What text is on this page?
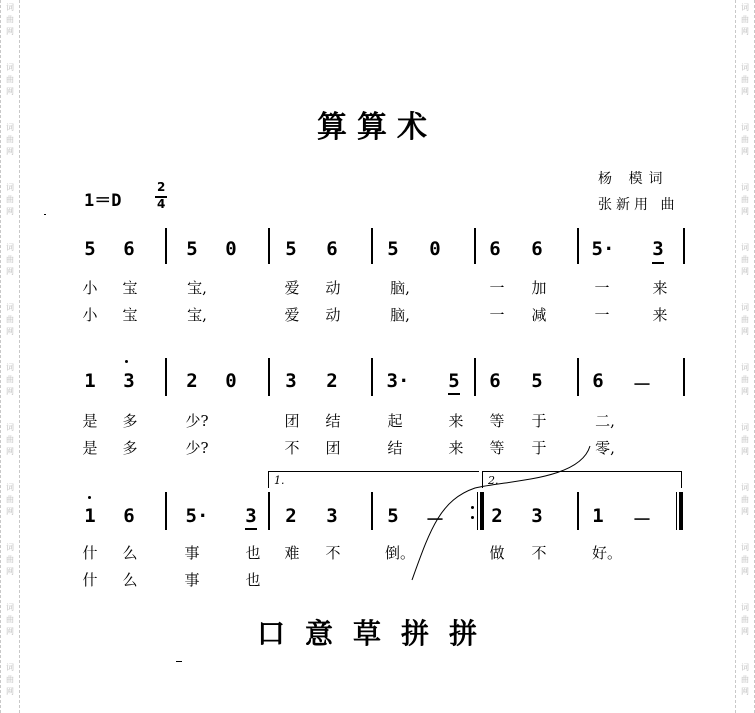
词
曲
网
词
曲
网
词
曲
网
词
曲
网
词
曲
网
词
曲
网
词
曲
网
词
曲
网
词
曲
网
词
曲
网
词
曲
网
词
曲
网
词
曲
网
词
曲
网
词
曲
网
词
曲
网
词
曲
网
词
曲
网
词
曲
网
词
曲
网
词
曲
网
词
曲
网
词
曲
网
词
曲
网
算算术
杨 模词
张新用 曲
1＝D
2
4
5 6	5 0	5 6	5 0	6 6	5· 3
小 宝	宝,	爱 动	脑,	一 加	一	来
小 宝	宝,	爱 动	脑,	一 减	一	来
1 3	2 0	3 2	3· 5 6 5	6 －
是 多	少?	团 结	起	来 等 于	二,
是 多	少?	不 团	结	来 等 于	零,
1.	2.
1 6	5· 3 2 3	5 － 2 3	1 －
什 么	事	也 难 不	倒。	做 不	好。
什 么	事	也
口意草拼拼
